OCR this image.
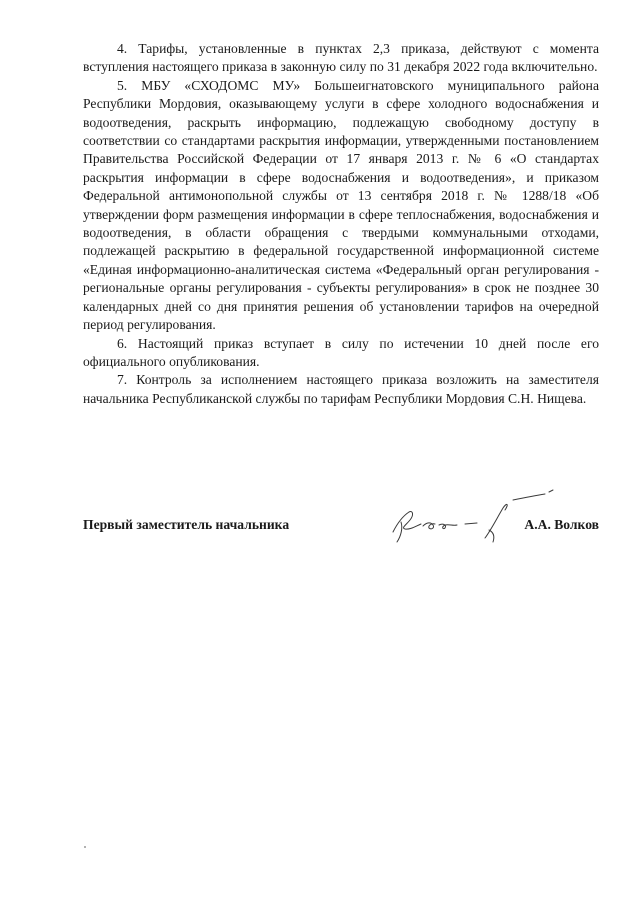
4. Тарифы, установленные в пунктах 2,3 приказа, действуют с момента вступления настоящего приказа в законную силу по 31 декабря 2022 года включительно.

5. МБУ «СХОДОМС МУ» Большеигнатовского муниципального района Республики Мордовия, оказывающему услуги в сфере холодного водоснабжения и водоотведения, раскрыть информацию, подлежащую свободному доступу в соответствии со стандартами раскрытия информации, утвержденными постановлением Правительства Российской Федерации от 17 января 2013 г. № 6 «О стандартах раскрытия информации в сфере водоснабжения и водоотведения», и приказом Федеральной антимонопольной службы от 13 сентября 2018 г. № 1288/18 «Об утверждении форм размещения информации в сфере теплоснабжения, водоснабжения и водоотведения, в области обращения с твердыми коммунальными отходами, подлежащей раскрытию в федеральной государственной информационной системе «Единая информационно-аналитическая система «Федеральный орган регулирования - региональные органы регулирования - субъекты регулирования» в срок не позднее 30 календарных дней со дня принятия решения об установлении тарифов на очередной период регулирования.

6. Настоящий приказ вступает в силу по истечении 10 дней после его официального опубликования.

7. Контроль за исполнением настоящего приказа возложить на заместителя начальника Республиканской службы по тарифам Республики Мордовия С.Н. Нищева.

Первый заместитель начальника	А.А. Волков
